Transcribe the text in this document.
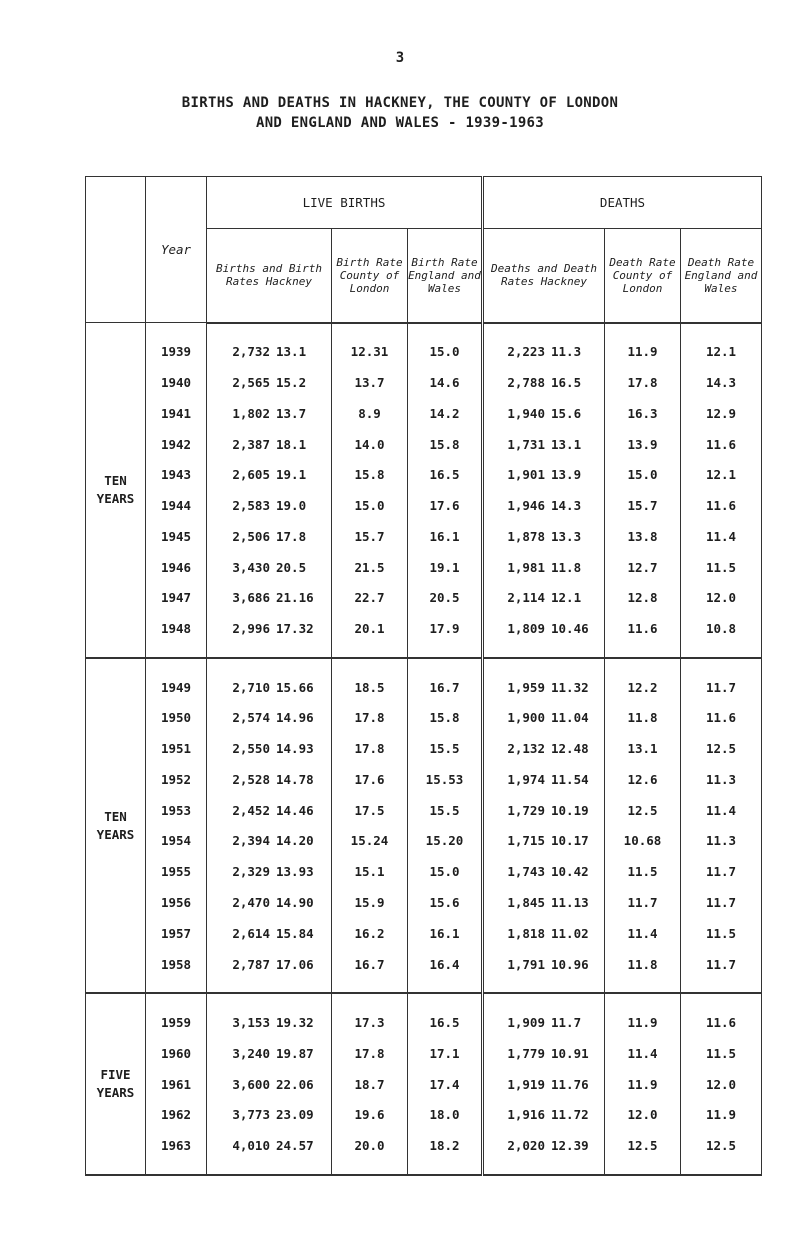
3
BIRTHS AND DEATHS IN HACKNEY, THE COUNTY OF LONDON
AND ENGLAND AND WALES - 1939-1963
	Year	LIVE BIRTHS			DEATHS		
		Births and Birth Rates Hackney	Birth Rate County of London	Birth Rate England and Wales	Deaths and Death Rates Hackney	Death Rate County of London	Death Rate England and Wales

TEN
YEARS							

	1939	2,732 13.1	12.31	15.0	2,223 11.3	11.9	12.1
	1940	2,565 15.2	13.7	14.6	2,788 16.5	17.8	14.3
	1941	1,802 13.7	8.9	14.2	1,940 15.6	16.3	12.9
	1942	2,387 18.1	14.0	15.8	1,731 13.1	13.9	11.6
	1943	2,605 19.1	15.8	16.5	1,901 13.9	15.0	12.1
	1944	2,583 19.0	15.0	17.6	1,946 14.3	15.7	11.6
	1945	2,506 17.8	15.7	16.1	1,878 13.3	13.8	11.4
	1946	3,430 20.5	21.5	19.1	1,981 11.8	12.7	11.5
	1947	3,686 21.16	22.7	20.5	2,114 12.1	12.8	12.0
	1948	2,996 17.32	20.1	17.9	1,809 10.46	11.6	10.8

TEN
YEARS							

	1949	2,710 15.66	18.5	16.7	1,959 11.32	12.2	11.7
	1950	2,574 14.96	17.8	15.8	1,900 11.04	11.8	11.6
	1951	2,550 14.93	17.8	15.5	2,132 12.48	13.1	12.5
	1952	2,528 14.78	17.6	15.53	1,974 11.54	12.6	11.3
	1953	2,452 14.46	17.5	15.5	1,729 10.19	12.5	11.4
	1954	2,394 14.20	15.24	15.20	1,715 10.17	10.68	11.3
	1955	2,329 13.93	15.1	15.0	1,743 10.42	11.5	11.7
	1956	2,470 14.90	15.9	15.6	1,845 11.13	11.7	11.7
	1957	2,614 15.84	16.2	16.1	1,818 11.02	11.4	11.5
	1958	2,787 17.06	16.7	16.4	1,791 10.96	11.8	11.7

FIVE
YEARS							

	1959	3,153 19.32	17.3	16.5	1,909 11.7	11.9	11.6
	1960	3,240 19.87	17.8	17.1	1,779 10.91	11.4	11.5
	1961	3,600 22.06	18.7	17.4	1,919 11.76	11.9	12.0
	1962	3,773 23.09	19.6	18.0	1,916 11.72	12.0	11.9
	1963	4,010 24.57	20.0	18.2	2,020 12.39	12.5	12.5
